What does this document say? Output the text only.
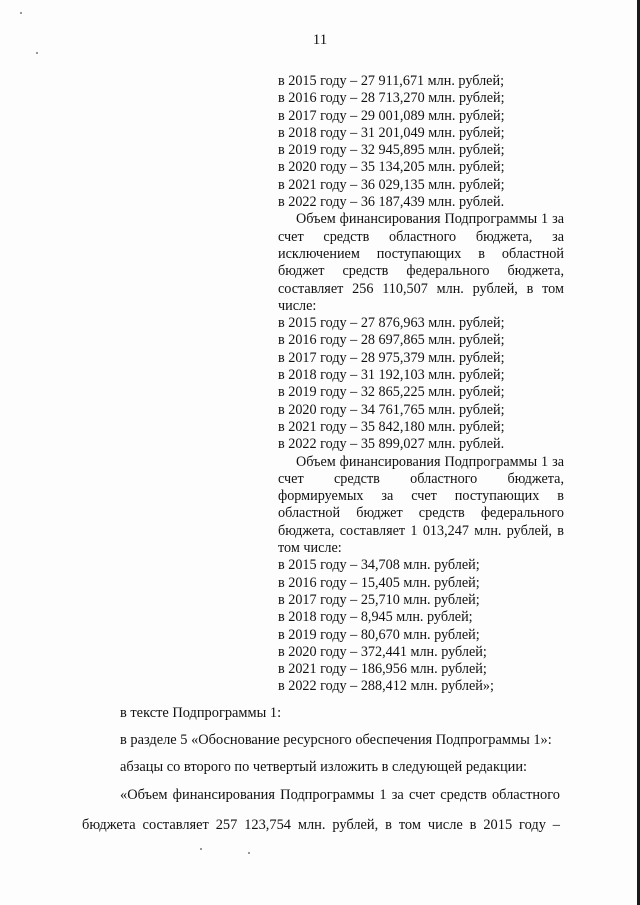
11
в 2015 году – 27 911,671 млн. рублей;
в 2016 году – 28 713,270 млн. рублей;
в 2017 году – 29 001,089 млн. рублей;
в 2018 году – 31 201,049 млн. рублей;
в 2019 году – 32 945,895 млн. рублей;
в 2020 году – 35 134,205 млн. рублей;
в 2021 году – 36 029,135 млн. рублей;
в 2022 году – 36 187,439 млн. рублей.
Объем финансирования Подпрограммы 1 за счет средств областного бюджета, за исключением поступающих в областной бюджет средств федерального бюджета, составляет 256 110,507 млн. рублей, в том числе:
в 2015 году – 27 876,963 млн. рублей;
в 2016 году – 28 697,865 млн. рублей;
в 2017 году – 28 975,379 млн. рублей;
в 2018 году – 31 192,103 млн. рублей;
в 2019 году – 32 865,225 млн. рублей;
в 2020 году – 34 761,765 млн. рублей;
в 2021 году – 35 842,180 млн. рублей;
в 2022 году – 35 899,027 млн. рублей.
Объем финансирования Подпрограммы 1 за счет средств областного бюджета, формируемых за счет поступающих в областной бюджет средств федерального бюджета, составляет 1 013,247 млн. рублей, в том числе:
в 2015 году – 34,708 млн. рублей;
в 2016 году – 15,405 млн. рублей;
в 2017 году – 25,710 млн. рублей;
в 2018 году – 8,945 млн. рублей;
в 2019 году – 80,670 млн. рублей;
в 2020 году – 372,441 млн. рублей;
в 2021 году – 186,956 млн. рублей;
в 2022 году – 288,412 млн. рублей»;

в тексте Подпрограммы 1:

в разделе 5 «Обоснование ресурсного обеспечения Подпрограммы 1»:

абзацы со второго по четвертый изложить в следующей редакции:

«Объем финансирования Подпрограммы 1 за счет средств областного бюджета составляет 257 123,754 млн. рублей, в том числе в 2015 году –
